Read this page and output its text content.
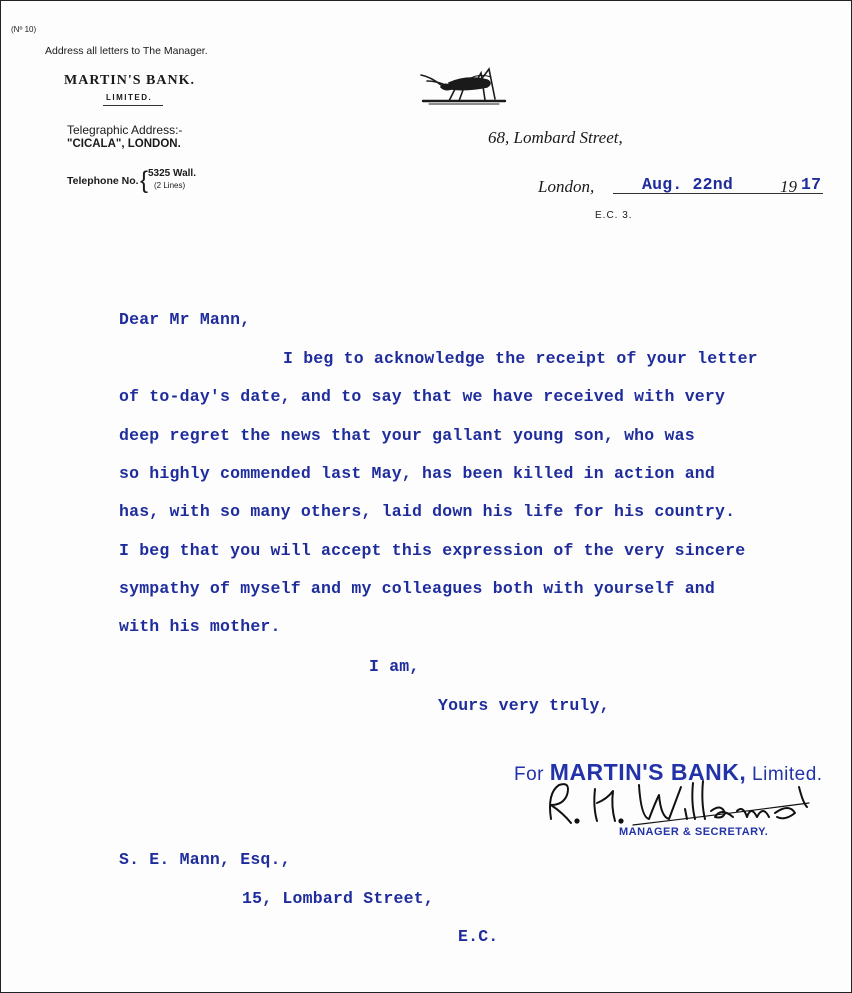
(Nº 10)
Address all letters to The Manager.
MARTIN'S BANK.
LIMITED.
Telegraphic Address:-
"CICALA", LONDON.
Telephone No. { 5325 Wall.
(2 Lines)
68, Lombard Street,
London,	Aug. 22nd	19 17
E.C. 3.
Dear Mr Mann,
I beg to acknowledge the receipt of your letter
of to-day's date, and to say that we have received with very
deep regret the news that your gallant young son, who was
so highly commended last May, has been killed in action and
has, with so many others, laid down his life for his country.
I beg that you will accept this expression of the very sincere
sympathy of myself and my colleagues both with yourself and
with his mother.
I am,
Yours very truly,
For MARTIN'S BANK, Limited.
MANAGER & SECRETARY.
S. E. Mann, Esq.,
15, Lombard Street,
E.C.
